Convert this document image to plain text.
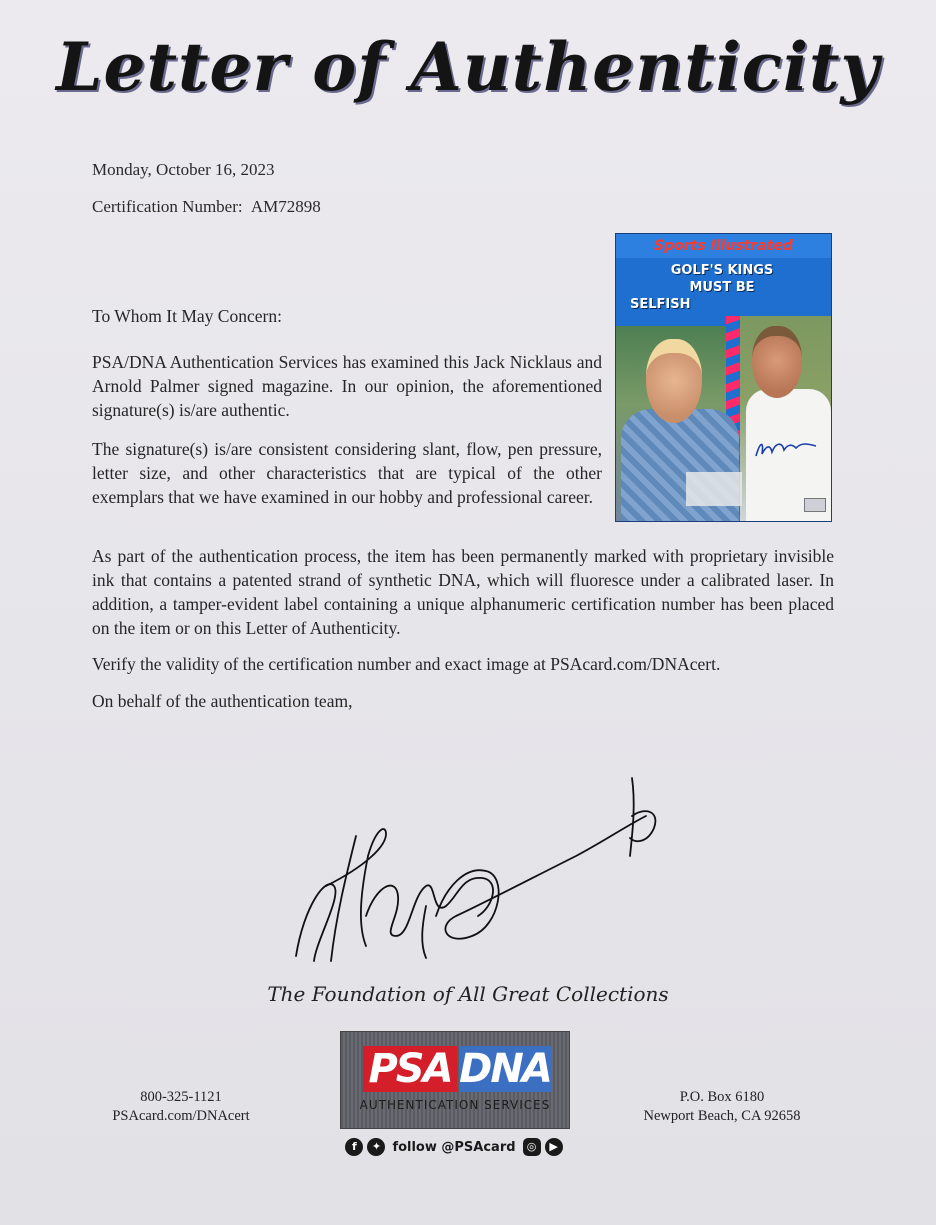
Letter of Authenticity
Monday, October 16, 2023
Certification Number: AM72898
To Whom It May Concern:
PSA/DNA Authentication Services has examined this Jack Nicklaus and Arnold Palmer signed magazine. In our opinion, the aforementioned signature(s) is/are authentic.
The signature(s) is/are consistent considering slant, flow, pen pressure, letter size, and other characteristics that are typical of the other exemplars that we have examined in our hobby and professional career.
As part of the authentication process, the item has been permanently marked with proprietary invisible ink that contains a patented strand of synthetic DNA, which will fluoresce under a calibrated laser. In addition, a tamper-evident label containing a unique alphanumeric certification number has been placed on the item or on this Letter of Authenticity.
Verify the validity of the certification number and exact image at PSAcard.com/DNAcert.
On behalf of the authentication team,
Sports Illustrated
GOLF'S KINGS
MUST BE
SELFISH
The Foundation of All Great Collections
800-325-1121
PSAcard.com/DNAcert
PSA DNA
AUTHENTICATION SERVICES
f	✦ follow @PSAcard	◎	▶
P.O. Box 6180
Newport Beach, CA 92658
